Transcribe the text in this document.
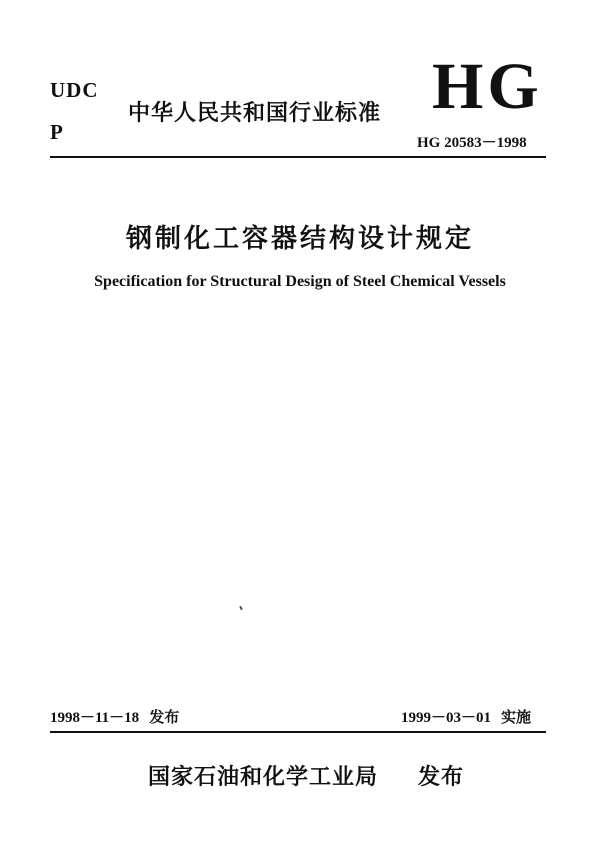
UDC
P
中华人民共和国行业标准 HG
HG 20583－1998
钢制化工容器结构设计规定
Specification for Structural Design of Steel Chemical Vessels
1998－11－18 发布	1999－03－01 实施
国家石油和化学工业局 发布
